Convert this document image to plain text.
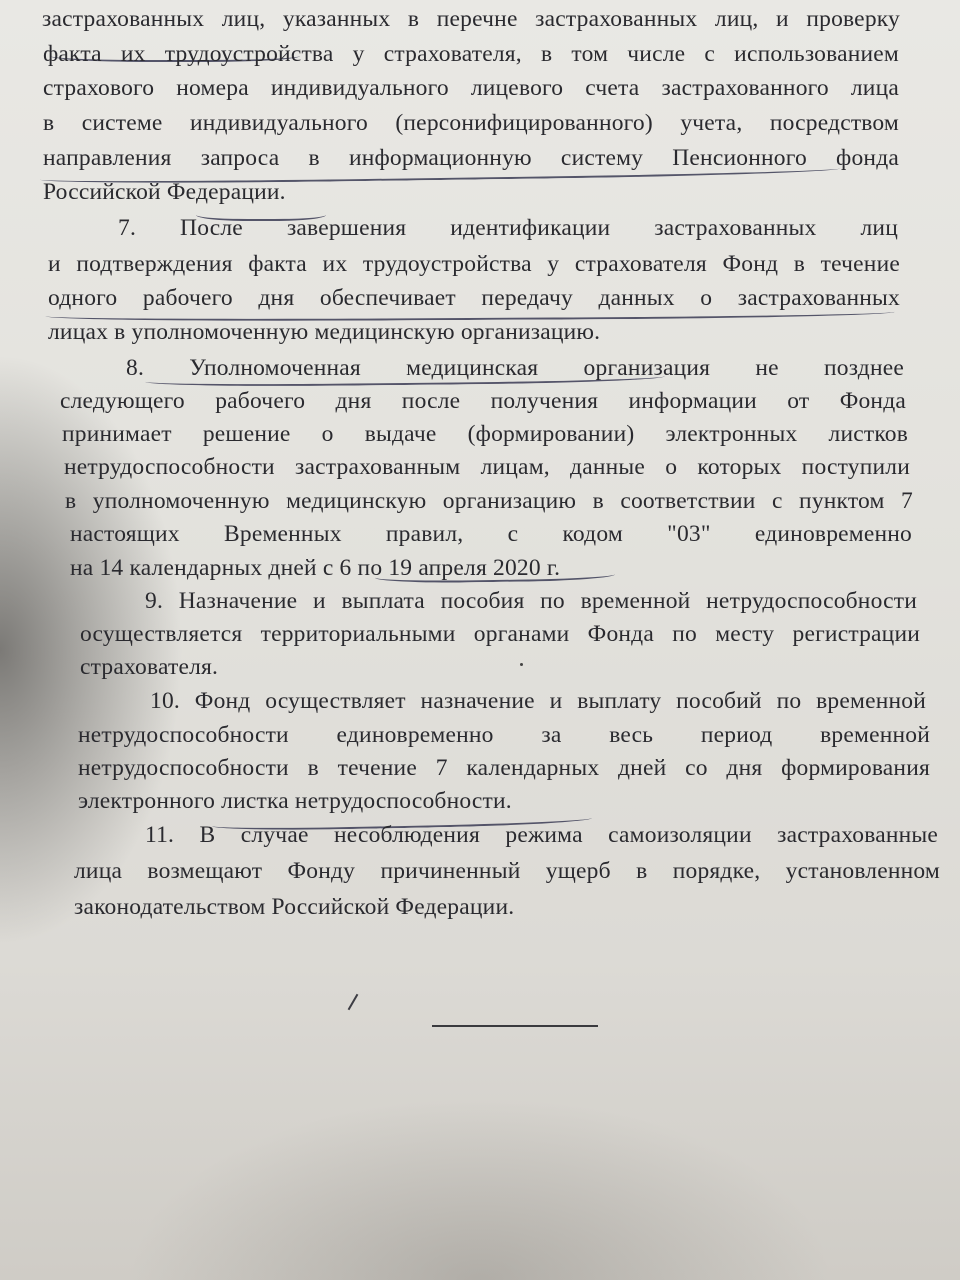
застрахованных лиц, указанных в перечне застрахованных лиц, и проверку

факта их трудоустройства у страхователя, в том числе с использованием

страхового номера индивидуального лицевого счета застрахованного лица

в системе индивидуального (персонифицированного) учета, посредством

направления запроса в информационную систему Пенсионного фонда

Российской Федерации.

7. После завершения идентификации застрахованных лиц

и подтверждения факта их трудоустройства у страхователя Фонд в течение

одного рабочего дня обеспечивает передачу данных о застрахованных

лицах в уполномоченную медицинскую организацию.

8. Уполномоченная медицинская организация не позднее

следующего рабочего дня после получения информации от Фонда

принимает решение о выдаче (формировании) электронных листков

нетрудоспособности застрахованным лицам, данные о которых поступили

в уполномоченную медицинскую организацию в соответствии с пунктом 7

настоящих Временных правил, с кодом "03" единовременно

на 14 календарных дней с 6 по 19 апреля 2020 г.

9. Назначение и выплата пособия по временной нетрудоспособности

осуществляется территориальными органами Фонда по месту регистрации

страхователя.

10. Фонд осуществляет назначение и выплату пособий по временной

нетрудоспособности единовременно за весь период временной

нетрудоспособности в течение 7 календарных дней со дня формирования

электронного листка нетрудоспособности.

11. В случае несоблюдения режима самоизоляции застрахованные

лица возмещают Фонду причиненный ущерб в порядке, установленном

законодательством Российской Федерации.
